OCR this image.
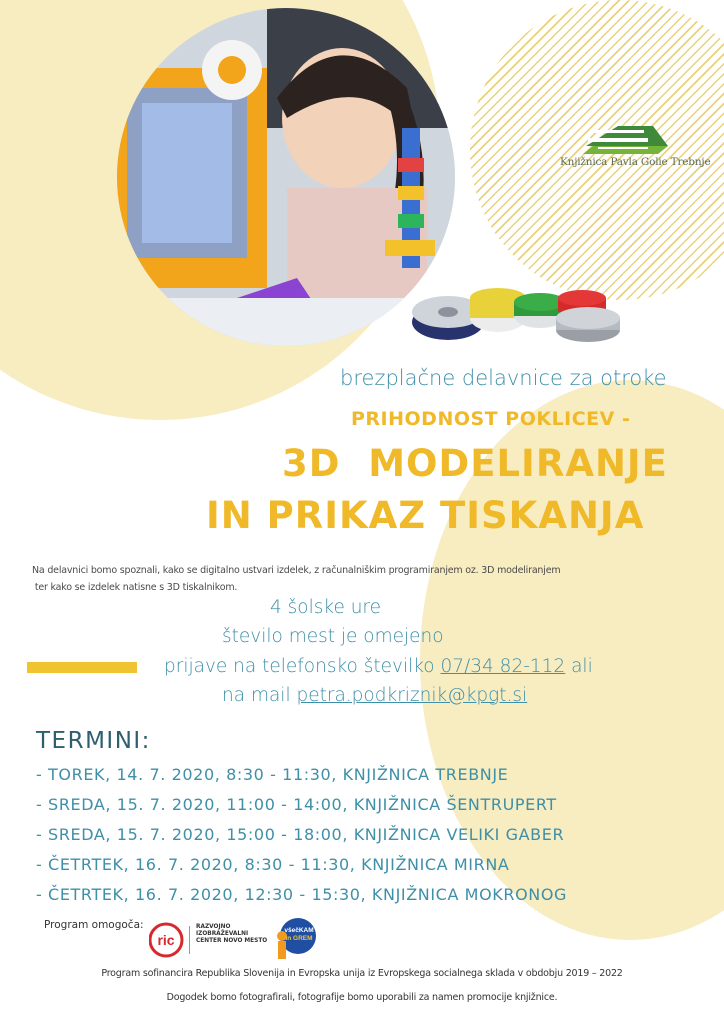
Knjižnica Pavla Golie Trebnje
brezplačne delavnice za otroke
PRIHODNOST POKLICEV -
3D  MODELIRANJE
IN PRIKAZ TISKANJA
Na delavnici bomo spoznali, kako se digitalno ustvari izdelek, z računalniškim programiranjem oz. 3D modeliranjem
ter kako se izdelek natisne s 3D tiskalnikom.
4 šolske ure
število mest je omejeno
prijave na telefonsko številko 07/34 82-112 ali
na mail petra.podkriznik@kpgt.si
TERMINI:
- TOREK, 14. 7. 2020, 8:30 - 11:30, KNJIŽNICA TREBNJE
- SREDA, 15. 7. 2020, 11:00 - 14:00, KNJIŽNICA ŠENTRUPERT
- SREDA, 15. 7. 2020, 15:00 - 18:00, KNJIŽNICA VELIKI GABER
- ČETRTEK, 16. 7. 2020, 8:30 - 11:30, KNJIŽNICA MIRNA
- ČETRTEK, 16. 7. 2020, 12:30 - 15:30, KNJIŽNICA MOKRONOG
Program omogoča:
ric
RAZVOJNO
IZOBRAŽEVALNI
CENTER NOVO MESTO
všečKAM
in GREM
Program sofinancira Republika Slovenija in Evropska unija iz Evropskega socialnega sklada v obdobju 2019 – 2022
Dogodek bomo fotografirali, fotografije bomo uporabili za namen promocije knjižnice.
